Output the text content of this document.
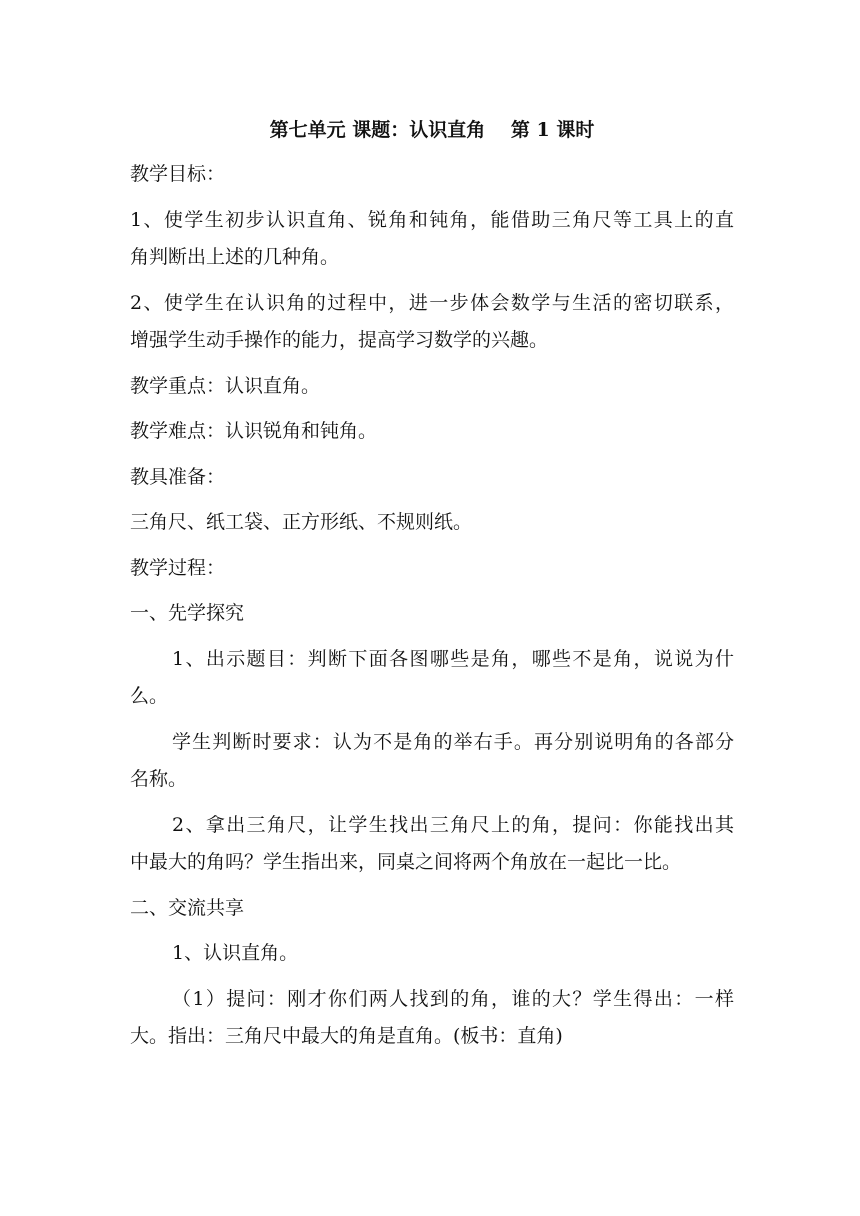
第七单元 课题：认识直角　 第 1 课时
教学目标：
1、使学生初步认识直角、锐角和钝角，能借助三角尺等工具上的直
角判断出上述的几种角。
2、使学生在认识角的过程中，进一步体会数学与生活的密切联系，
增强学生动手操作的能力，提高学习数学的兴趣。
教学重点：认识直角。
教学难点：认识锐角和钝角。
教具准备：
三角尺、纸工袋、正方形纸、不规则纸。
教学过程：
一、先学探究
1、出示题目：判断下面各图哪些是角，哪些不是角，说说为什
么。
学生判断时要求：认为不是角的举右手。再分别说明角的各部分
名称。
2、拿出三角尺，让学生找出三角尺上的角，提问：你能找出其
中最大的角吗？学生指出来，同桌之间将两个角放在一起比一比。
二、交流共享
1、认识直角。
（1）提问：刚才你们两人找到的角，谁的大？学生得出：一样
大。指出：三角尺中最大的角是直角。(板书：直角)
